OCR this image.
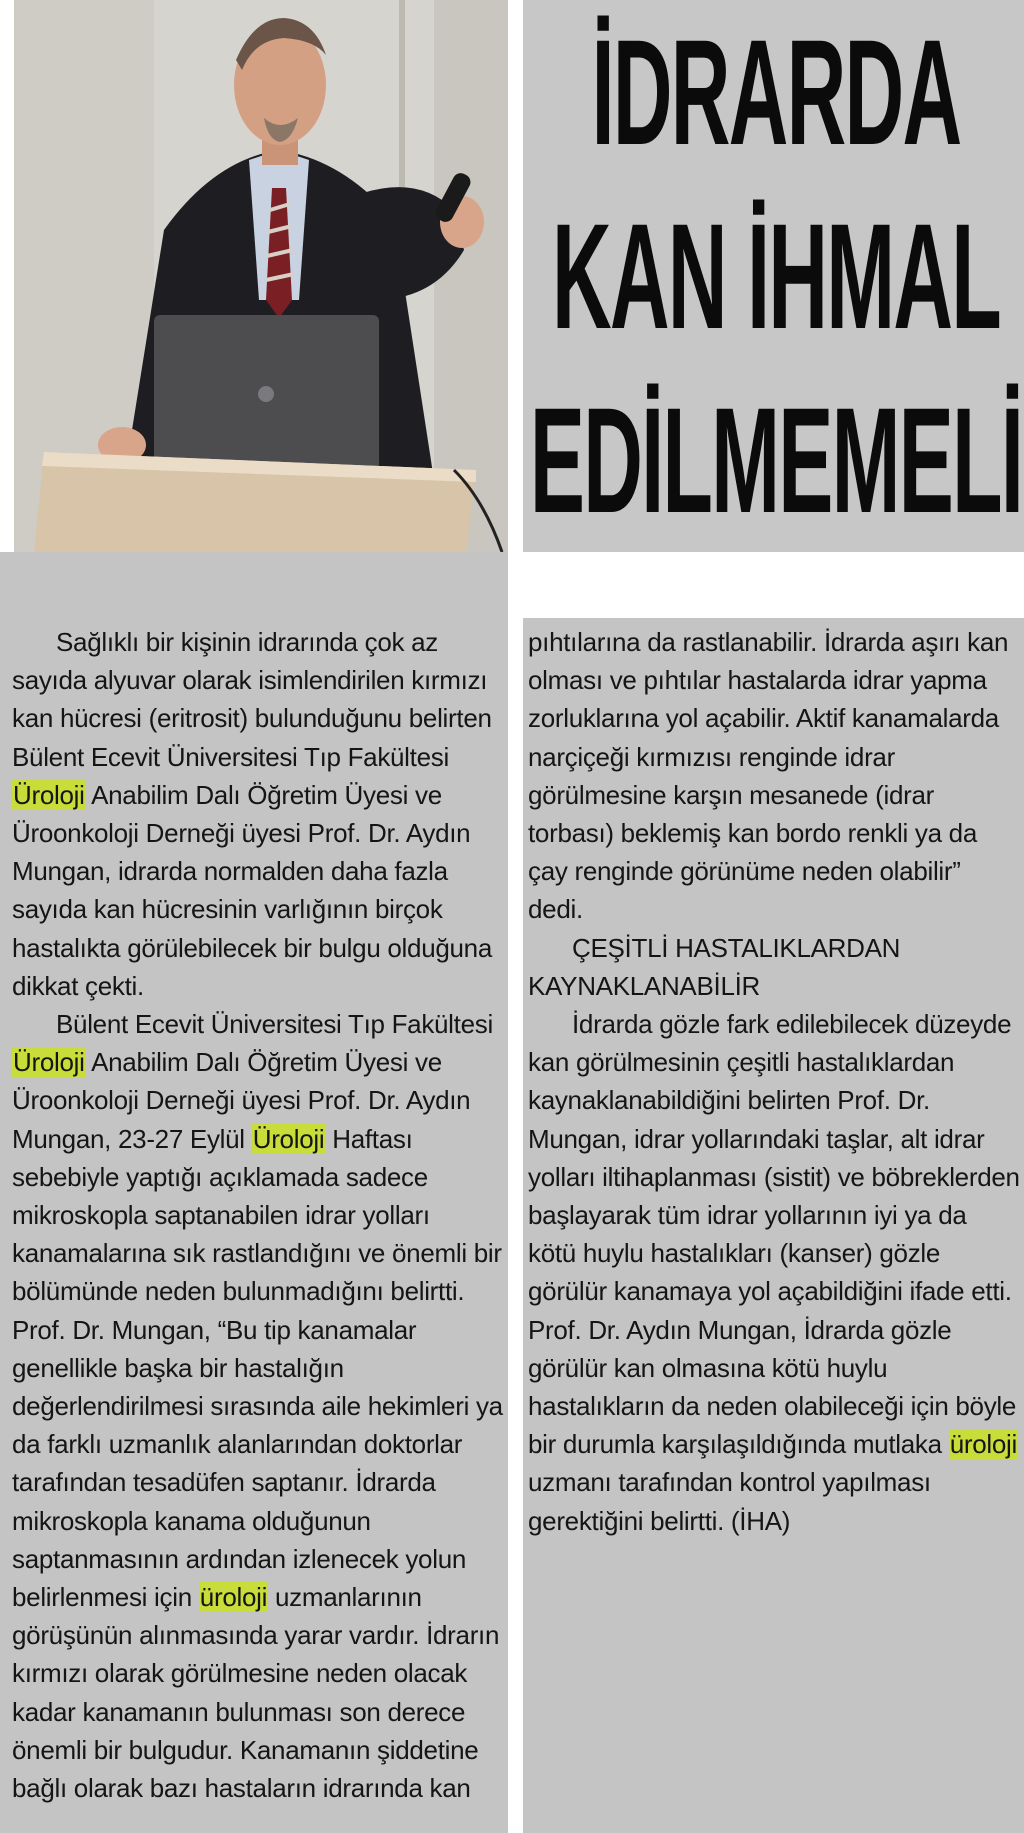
İDRARDA
KAN İHMAL
EDİLMEMELİ

Sağlıklı bir kişinin idrarında çok az sayıda alyuvar olarak isimlendirilen kırmızı kan hücresi (eritrosit) bulunduğunu belirten Bülent Ecevit Üniversitesi Tıp Fakültesi Üroloji Anabilim Dalı Öğretim Üyesi ve Üroonkoloji Derneği üyesi Prof. Dr. Aydın Mungan, idrarda normalden daha fazla sayıda kan hücresinin varlığının birçok hastalıkta görülebilecek bir bulgu olduğuna dikkat çekti.

Bülent Ecevit Üniversitesi Tıp Fakültesi Üroloji Anabilim Dalı Öğretim Üyesi ve Üroonkoloji Derneği üyesi Prof. Dr. Aydın Mungan, 23-27 Eylül Üroloji Haftası sebebiyle yaptığı açıklamada sadece mikroskopla saptanabilen idrar yolları kanamalarına sık rastlandığını ve önemli bir bölümünde neden bulunmadığını belirtti. Prof. Dr. Mungan, “Bu tip kanamalar genellikle başka bir hastalığın değerlendirilmesi sırasında aile hekimleri ya da farklı uzmanlık alanlarından doktorlar tarafından tesadüfen saptanır. İdrarda mikroskopla kanama olduğunun saptanmasının ardından izlenecek yolun belirlenmesi için üroloji uzmanlarının görüşünün alınmasında yarar vardır. İdrarın kırmızı olarak görülmesine neden olacak kadar kanamanın bulunması son derece önemli bir bulgudur. Kanamanın şiddetine bağlı olarak bazı hastaların idrarında kan

pıhtılarına da rastlanabilir. İdrarda aşırı kan olması ve pıhtılar hastalarda idrar yapma zorluklarına yol açabilir. Aktif kanamalarda narçiçeği kırmızısı renginde idrar görülmesine karşın mesanede (idrar torbası) beklemiş kan bordo renkli ya da çay renginde görünüme neden olabilir” dedi.

ÇEŞİTLİ HASTALIKLARDAN KAYNAKLANABİLİR

İdrarda gözle fark edilebilecek düzeyde kan görülmesinin çeşitli hastalıklardan kaynaklanabildiğini belirten Prof. Dr. Mungan, idrar yollarındaki taşlar, alt idrar yolları iltihaplanması (sistit) ve böbreklerden başlayarak tüm idrar yollarının iyi ya da kötü huylu hastalıkları (kanser) gözle görülür kanamaya yol açabildiğini ifade etti. Prof. Dr. Aydın Mungan, İdrarda gözle görülür kan olmasına kötü huylu hastalıkların da neden olabileceği için böyle bir durumla karşılaşıldığında mutlaka üroloji uzmanı tarafından kontrol yapılması gerektiğini belirtti. (İHA)
